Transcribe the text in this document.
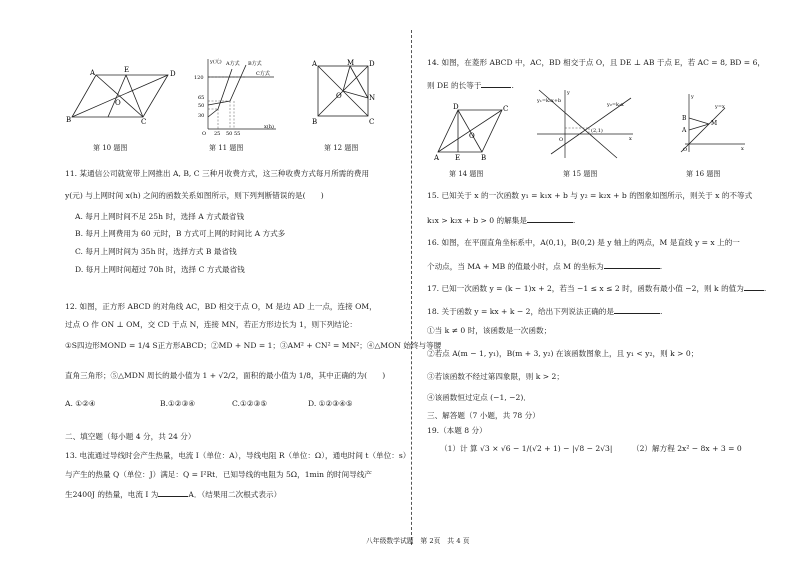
A	D
B	C
E
O
第 10 题图
y(元)
x(h)
A方式 B方式
C方式
120
65
50
30
O 25 50 55
第 11 题图
A	D
B	C
M
N
O
第 12 题图
11. 某通信公司就宽带上网推出 A, B, C 三种月收费方式，这三种收费方式每月所需的费用
y(元) 与上网时间 x(h) 之间的函数关系如图所示，则下列判断错误的是(　　)
A. 每月上网时间不足 25h 时，选择 A 方式最省钱
B. 每月上网费用为 60 元时，B 方式可上网的时间比 A 方式多
C. 每月上网时间为 35h 时，选择方式 B 最省钱
D. 每月上网时间超过 70h 时，选择 C 方式最省钱
12. 如图，正方形 ABCD 的对角线 AC，BD 相交于点 O，M 是边 AD 上一点，连接 OM，
过点 O 作 ON ⊥ OM，交 CD 于点 N，连接 MN，若正方形边长为 1，则下列结论：
①S四边形MOND = 1/4 S正方形ABCD；②MD + ND = 1；③AM² + CN² = MN²；④△MON 始终与等腰
直角三角形；⑤△MDN 周长的最小值为 1 + √2/2，面积的最小值为 1/8，其中正确的为(　　)
A. ①②④	B.①②③④	C.①②③⑤	D. ①②③④⑤
二、填空题（每小题 4 分，共 24 分）
13. 电流通过导线时会产生热量，电流 I（单位：A），导线电阻 R（单位：Ω），通电时间 t（单位：s）
与产生的热量 Q（单位：J）满足：Q = I²Rt．已知导线的电阻为 5Ω，1min 的时间导线产
生2400J 的热量，电流 I 为	A．（结果用二次根式表示）
14. 如图，在菱形 ABCD 中，AC，BD 相交于点 O，且 DE ⊥ AB 于点 E，若 AC = 8, BD = 6，
则 DE 的长等于	.
D	C
A E	B
O
第 14 题图
y₁=k₁x+b
y₂=k₂x
(2,1)
y
x
O
第 15 题图
y
x
y=x
M
A
B
O
第 16 题图
15. 已知关于 x 的一次函数 y₁ = k₁x + b 与 y₂ = k₂x + b 的图象如图所示，则关于 x 的不等式
k₁x > k₂x + b > 0 的解集是	.
16. 如图，在平面直角坐标系中，A(0,1)，B(0,2) 是 y 轴上的两点，M 是直线 y = x 上的一
个动点，当 MA + MB 的值最小时，点 M 的坐标为	.
17. 已知一次函数 y = (k − 1)x + 2，若当 −1 ≤ x ≤ 2 时，函数有最小值 −2，则 k 的值为	.
18. 关于函数 y = kx + k − 2，给出下列说法正确的是	.
①当 k ≠ 0 时，该函数是一次函数；
②若点 A(m − 1, y₁)，B(m + 3, y₂) 在该函数图象上，且 y₁ < y₂，则 k > 0；
③若该函数不经过第四象限，则 k > 2；
④该函数恒过定点 (−1, −2)．
三、解答题（7 小题，共 78 分）
19.（本题 8 分）
（1）计 算 √3 × √6 − 1/(√2 + 1) − |√8 − 2√3|	（2）解方程 2x² − 8x + 3 = 0
八年级数学试题　第 2页　共 4 页
